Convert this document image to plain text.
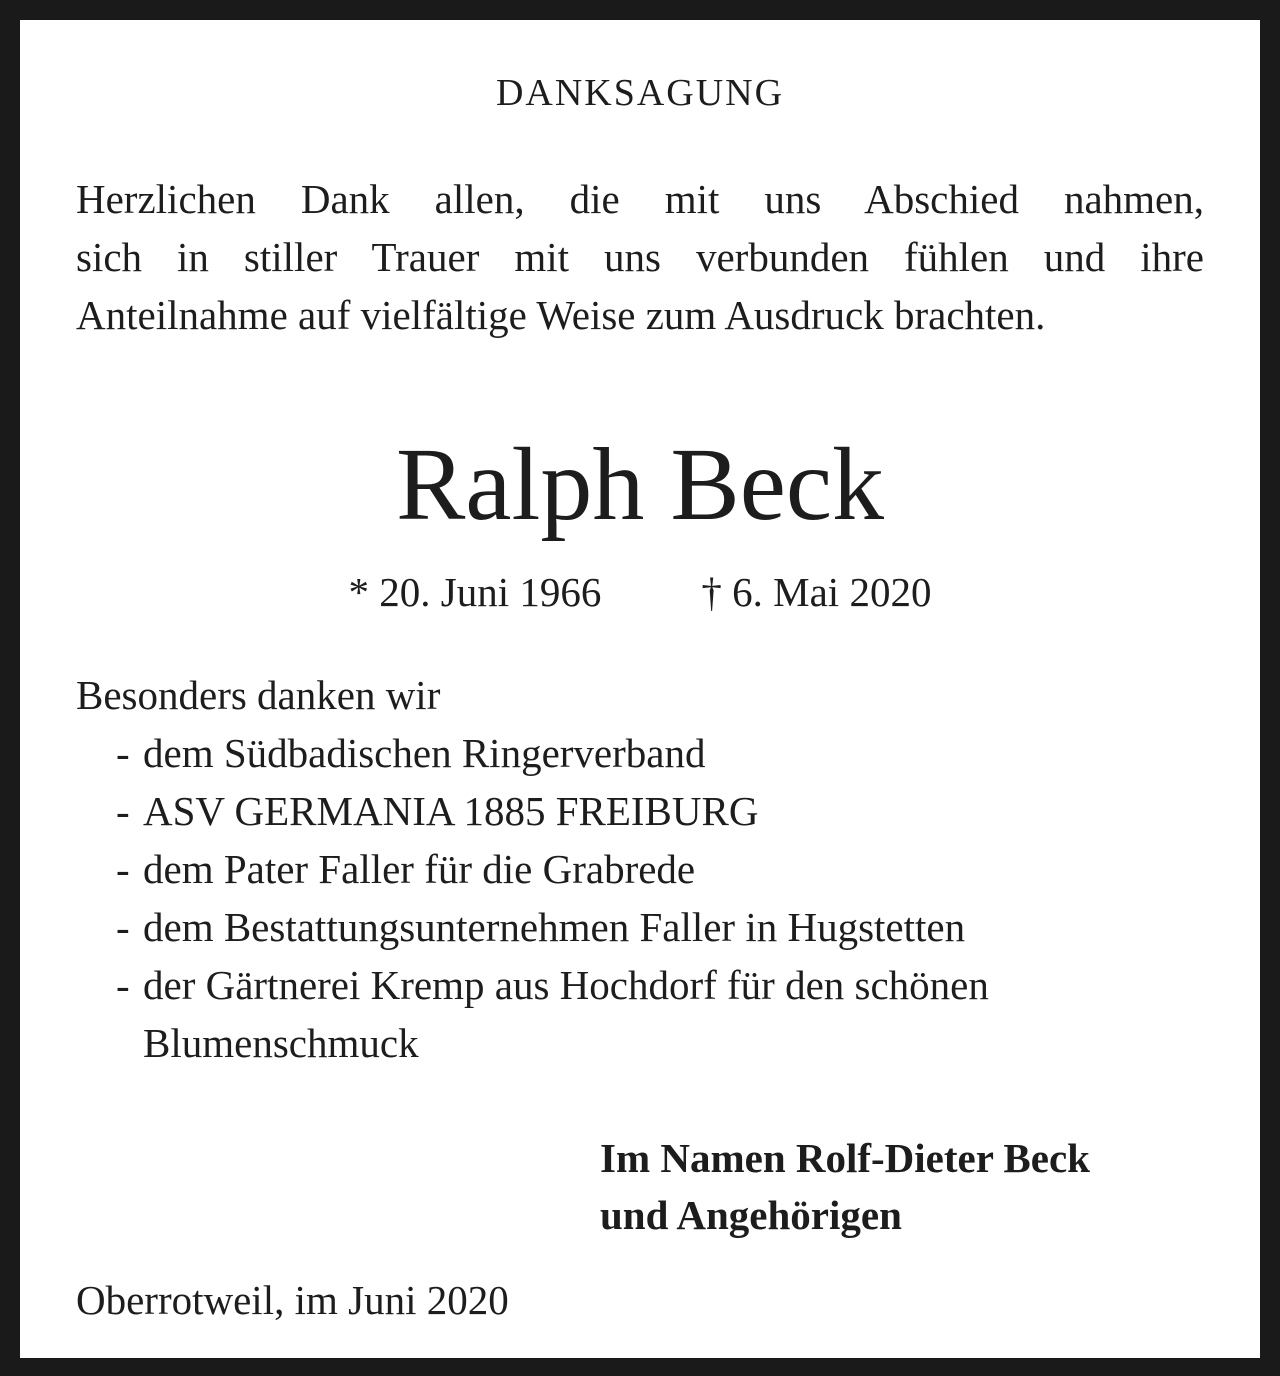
DANKSAGUNG
Herzlichen Dank allen, die mit uns Abschied nahmen,
sich in stiller Trauer mit uns verbunden fühlen und ihre
Anteilnahme auf vielfältige Weise zum Ausdruck brachten.
Ralph Beck
* 20. Juni 1966 † 6. Mai 2020
Besonders danken wir
- dem Südbadischen Ringerverband
- ASV GERMANIA 1885 FREIBURG
- dem Pater Faller für die Grabrede
- dem Bestattungsunternehmen Faller in Hugstetten
- der Gärtnerei Kremp aus Hochdorf für den schönen Blumenschmuck
Im Namen Rolf-Dieter Beck
und Angehörigen
Oberrotweil, im Juni 2020
